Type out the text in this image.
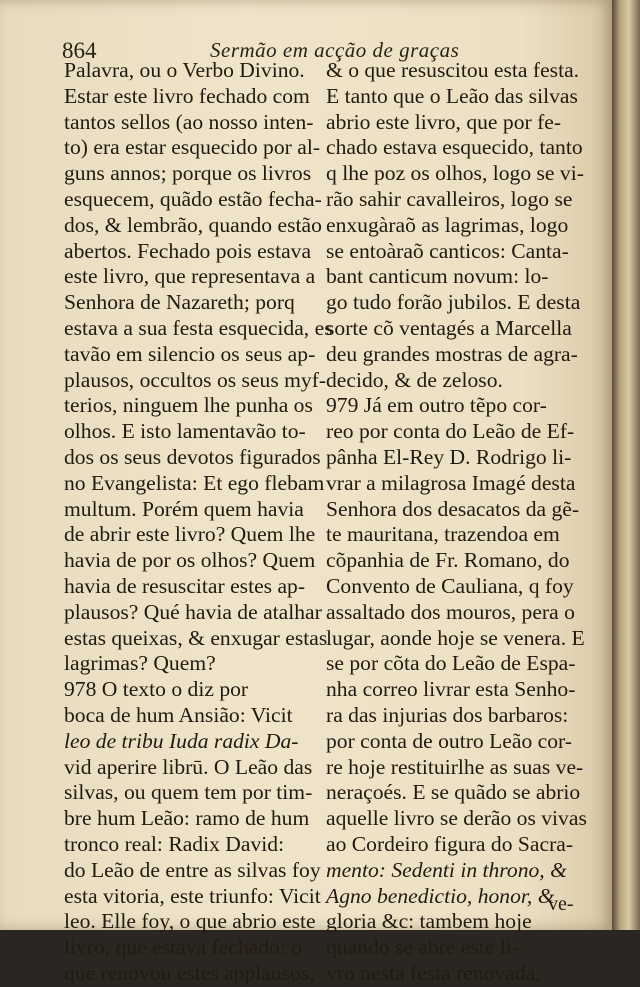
864	Sermão em acção de graças
Palavra, ou o Verbo Divino.
Estar este livro fechado com
tantos sellos (ao nosso inten-
to) era estar esquecido por al-
guns annos; porque os livros
esquecem, quãdo estão fecha-
dos, & lembrão, quando estão
abertos. Fechado pois estava
este livro, que representava a
Senhora de Nazareth; porq
estava a sua festa esquecida, es
tavão em silencio os seus ap-
plausos, occultos os seus myf-
terios, ninguem lhe punha os
olhos. E isto lamentavão to-
dos os seus devotos figurados
no Evangelista: Et ego flebam
multum. Porém quem havia
de abrir este livro? Quem lhe
havia de por os olhos? Quem
havia de resuscitar estes ap-
plausos? Qué havia de atalhar
estas queixas, & enxugar estas
lagrimas? Quem?
978 O texto o diz por
boca de hum Ansião: Vicit
leo de tribu Iuda radix Da-
vid aperire librū. O Leão das
silvas, ou quem tem por tim-
bre hum Leão: ramo de hum
tronco real: Radix David:
do Leão de entre as silvas foy
esta vitoria, este triunfo: Vicit
leo. Elle foy, o que abrio este
livro, que estava fechado: o
que renovou estes applausos,
& o que resuscitou esta festa.
E tanto que o Leão das silvas
abrio este livro, que por fe-
chado estava esquecido, tanto
q lhe poz os olhos, logo se vi-
rão sahir cavalleiros, logo se
enxugàraõ as lagrimas, logo
se entoàraõ canticos: Canta-
bant canticum novum: lo-
go tudo forão jubilos. E desta
sorte cõ ventagés a Marcella
deu grandes mostras de agra-
decido, & de zeloso.
979 Já em outro tẽpo cor-
reo por conta do Leão de Ef-
pânha El-Rey D. Rodrigo li-
vrar a milagrosa Imagé desta
Senhora dos desacatos da gẽ-
te mauritana, trazendoa em
cõpanhia de Fr. Romano, do
Convento de Cauliana, q foy
assaltado dos mouros, pera o
lugar, aonde hoje se venera. E
se por cõta do Leão de Espa-
nha correo livrar esta Senho-
ra das injurias dos barbaros:
por conta de outro Leão cor-
re hoje restituirlhe as suas ve-
neraçoés. E se quãdo se abrio
aquelle livro se derão os vivas
ao Cordeiro figura do Sacra-
mento: Sedenti in throno, &
Agno benedictio, honor, &
gloria &c: tambem hoje
quando se abre este li-
vro nesta festa renovada,
ve-
